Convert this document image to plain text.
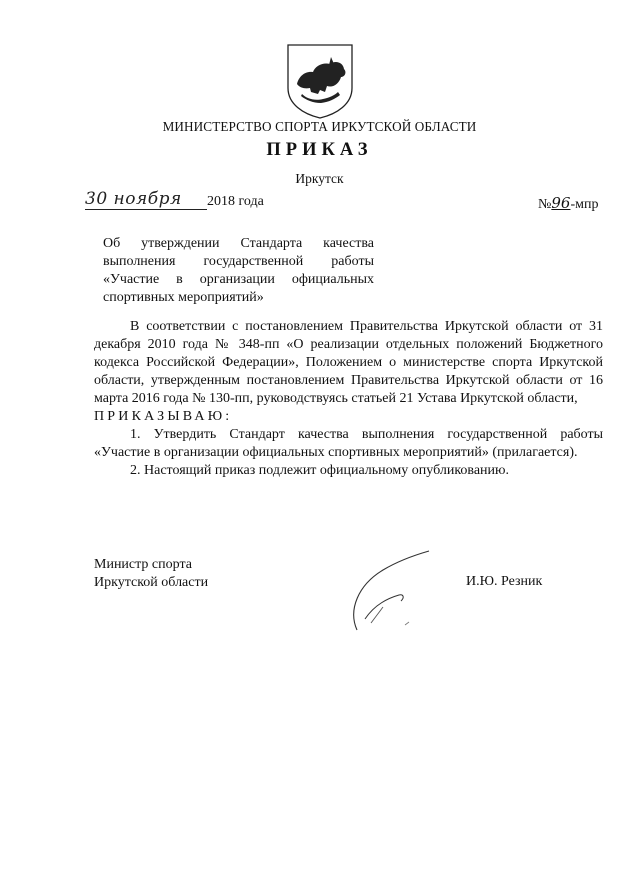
МИНИСТЕРСТВО СПОРТА ИРКУТСКОЙ ОБЛАСТИ
ПРИКАЗ
Иркутск
30 ноября 2018 года	№96-мпр
Об утверждении Стандарта качества выполнения государственной работы «Участие в организации официальных спортивных мероприятий»

В соответствии с постановлением Правительства Иркутской области от 31 декабря 2010 года № 348-пп «О реализации отдельных положений Бюджетного кодекса Российской Федерации», Положением о министерстве спорта Иркутской области, утвержденным постановлением Правительства Иркутской области от 16 марта 2016 года № 130-пп, руководствуясь статьей 21 Устава Иркутской области,

ПРИКАЗЫВАЮ:

1. Утвердить Стандарт качества выполнения государственной работы «Участие в организации официальных спортивных мероприятий» (прилагается).

2. Настоящий приказ подлежит официальному опубликованию.

Министр спорта
Иркутской области	И.Ю. Резник
